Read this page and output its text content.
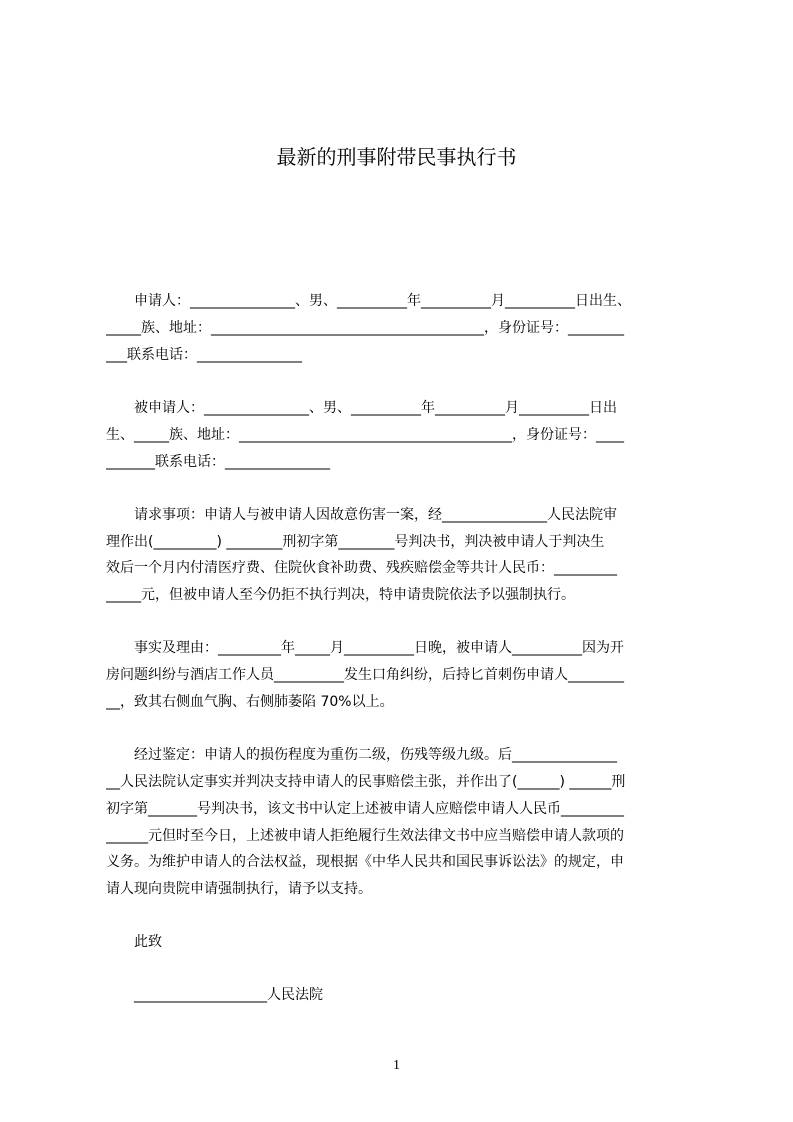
最新的刑事附带民事执行书
　　申请人：_______________、男、__________年__________月__________日出生、
_____族、地址：_______________________________________，身份证号：________
___联系电话：_______________
　　被申请人：_______________、男、__________年__________月__________日出
生、_____族、地址：_______________________________________，身份证号：____
_______联系电话：_______________
　　请求事项：申请人与被申请人因故意伤害一案，经_______________人民法院审
理作出(_________) ________刑初字第________号判决书，判决被申请人于判决生
效后一个月内付清医疗费、住院伙食补助费、残疾赔偿金等共计人民币：_________
_____元，但被申请人至今仍拒不执行判决，特申请贵院依法予以强制执行。
　　事实及理由：_________年_____月__________日晚，被申请人__________因为开
房问题纠纷与酒店工作人员__________发生口角纠纷，后持匕首刺伤申请人________
__，致其右侧血气胸、右侧肺萎陷 70%以上。
　　经过鉴定：申请人的损伤程度为重伤二级，伤残等级九级。后_______________
__人民法院认定事实并判决支持申请人的民事赔偿主张，并作出了(______) ______刑
初字第_______号判决书，该文书中认定上述被申请人应赔偿申请人人民币_________
______元但时至今日，上述被申请人拒绝履行生效法律文书中应当赔偿申请人款项的
义务。为维护申请人的合法权益，现根据《中华人民共和国民事诉讼法》的规定，申
请人现向贵院申请强制执行，请予以支持。
　　此致
　　___________________人民法院
1
